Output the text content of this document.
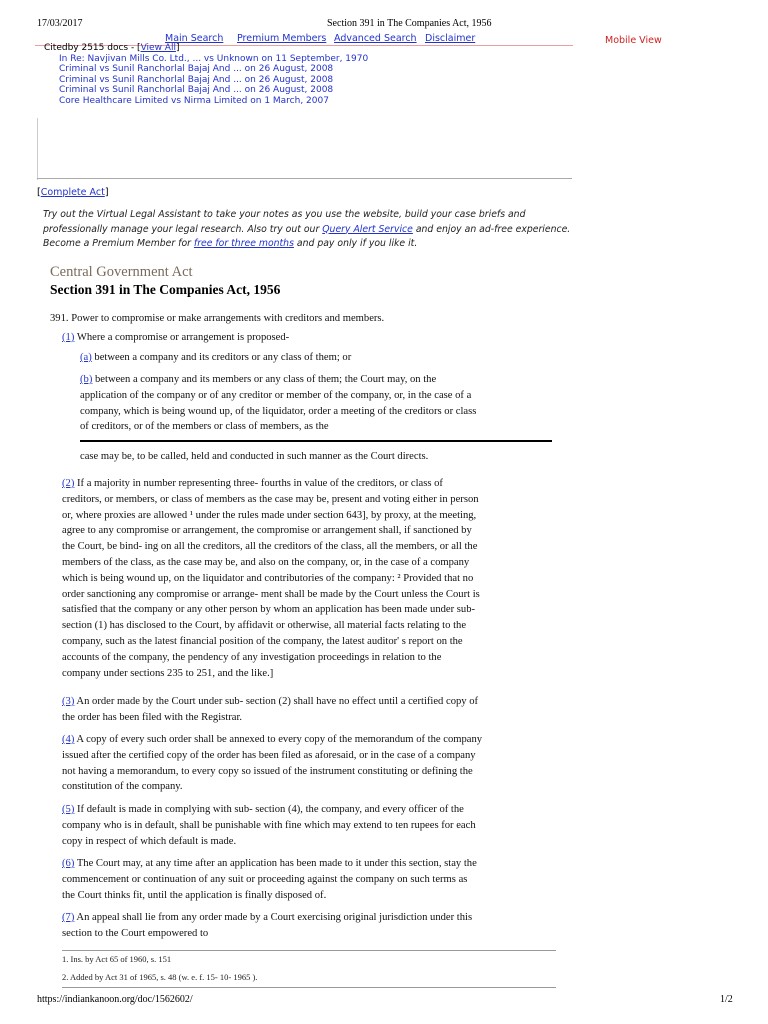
17/03/2017	Section 391 in The Companies Act, 1956
Main Search Premium Members Advanced Search Disclaimer	Mobile View
Citedby 2515 docs - [View All]
In Re: Navjivan Mills Co. Ltd., ... vs Unknown on 11 September, 1970
Criminal vs Sunil Ranchorlal Bajaj And ... on 26 August, 2008
Criminal vs Sunil Ranchorlal Bajaj And ... on 26 August, 2008
Criminal vs Sunil Ranchorlal Bajaj And ... on 26 August, 2008
Core Healthcare Limited vs Nirma Limited on 1 March, 2007
[Complete Act]
Try out the Virtual Legal Assistant to take your notes as you use the website, build your case briefs and professionally manage your legal research. Also try out our Query Alert Service and enjoy an ad-free experience. Become a Premium Member for free for three months and pay only if you like it.
Central Government Act
Section 391 in The Companies Act, 1956
391. Power to compromise or make arrangements with creditors and members.
(1) Where a compromise or arrangement is proposed-
(a) between a company and its creditors or any class of them; or
(b) between a company and its members or any class of them; the Court may, on the
application of the company or of any creditor or member of the company, or, in the case of a
company, which is being wound up, of the liquidator, order a meeting of the creditors or class
of creditors, or of the members or class of members, as the
case may be, to be called, held and conducted in such manner as the Court directs.
(2) If a majority in number representing three- fourths in value of the creditors, or class of
creditors, or members, or class of members as the case may be, present and voting either in person
or, where proxies are allowed ¹ under the rules made under section 643], by proxy, at the meeting,
agree to any compromise or arrangement, the compromise or arrangement shall, if sanctioned by
the Court, be bind- ing on all the creditors, all the creditors of the class, all the members, or all the
members of the class, as the case may be, and also on the company, or, in the case of a company
which is being wound up, on the liquidator and contributories of the company: ² Provided that no
order sanctioning any compromise or arrange- ment shall be made by the Court unless the Court is
satisfied that the company or any other person by whom an application has been made under sub-
section (1) has disclosed to the Court, by affidavit or otherwise, all material facts relating to the
company, such as the latest financial position of the company, the latest auditor' s report on the
accounts of the company, the pendency of any investigation proceedings in relation to the
company under sections 235 to 251, and the like.]
(3) An order made by the Court under sub- section (2) shall have no effect until a certified copy of
the order has been filed with the Registrar.
(4) A copy of every such order shall be annexed to every copy of the memorandum of the company
issued after the certified copy of the order has been filed as aforesaid, or in the case of a company
not having a memorandum, to every copy so issued of the instrument constituting or defining the
constitution of the company.
(5) If default is made in complying with sub- section (4), the company, and every officer of the
company who is in default, shall be punishable with fine which may extend to ten rupees for each
copy in respect of which default is made.
(6) The Court may, at any time after an application has been made to it under this section, stay the
commencement or continuation of any suit or proceeding against the company on such terms as
the Court thinks fit, until the application is finally disposed of.
(7) An appeal shall lie from any order made by a Court exercising original jurisdiction under this
section to the Court empowered to
1. Ins. by Act 65 of 1960, s. 151
2. Added by Act 31 of 1965, s. 48 (w. e. f. 15- 10- 1965 ).
https://indiankanoon.org/doc/1562602/	1/2
